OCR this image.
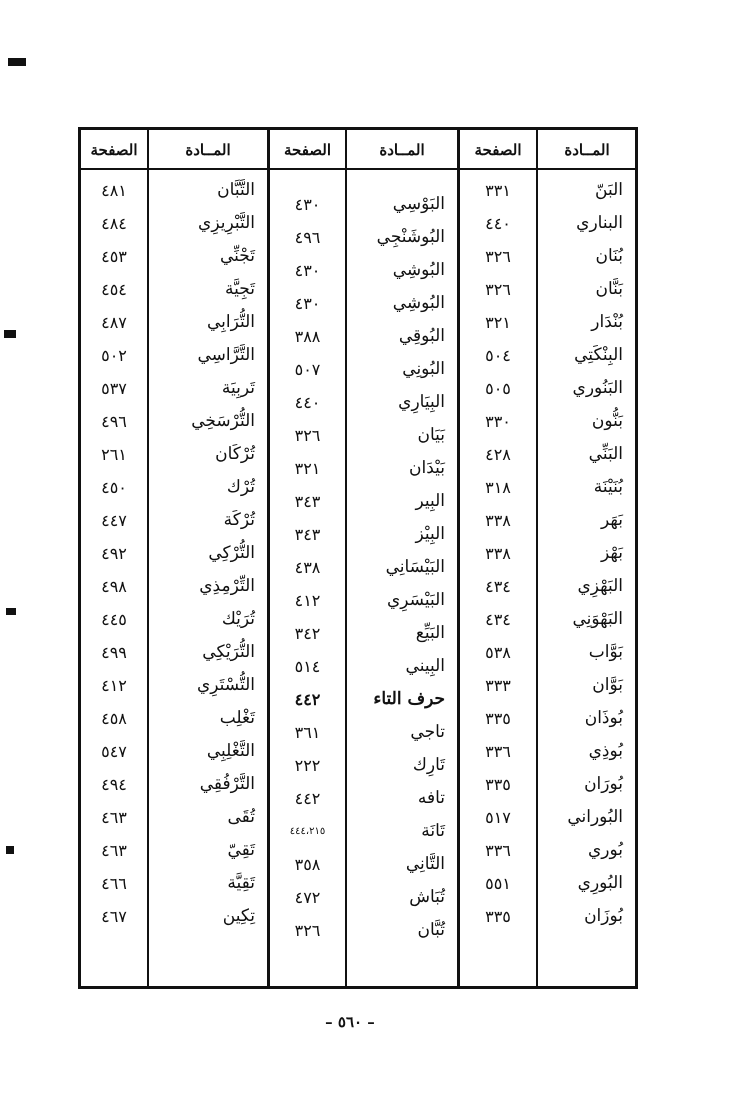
المــادة
البَنّ
البناري
بُنَان
بَنَّان
بُنْدَار
البِنْكَتِي
البَنُوري
بَنُّون
البَنِّي
بُنَيْنَة
بَهَر
بَهْز
البَهْزِي
البَهْوَنِي
بَوَّاب
بَوَّان
بُوذَان
بُوذِي
بُورَان
البُوراني
بُوري
البُورِي
بُوزَان
الصفحة
٣٣١
٤٤٠
٣٢٦
٣٢٦
٣٢١
٥٠٤
٥٠٥
٣٣٠
٤٢٨
٣١٨
٣٣٨
٣٣٨
٤٣٤
٤٣٤
٥٣٨
٣٣٣
٣٣٥
٣٣٦
٣٣٥
٥١٧
٣٣٦
٥٥١
٣٣٥
المــادة
البَوْسِي
البُوشَنْجِي
البُوشِي
البُوشِي
البُوقِي
البُونِي
البِيَارِي
بَيَان
بَيْدَان
البِير
البِيْز
البَيْسَانِي
البَيْسَرِي
البَيِّع
البِيني
حرف التاء
تاجي
تَارِك
تافه
تَانَة
التَّانِي
تُبَاش
تُبَّان
الصفحة
٤٣٠
٤٩٦
٤٣٠
٤٣٠
٣٨٨
٥٠٧
٤٤٠
٣٢٦
٣٢١
٣٤٣
٣٤٣
٤٣٨
٤١٢
٣٤٢
٥١٤
٤٤٢
٣٦١
٢٢٢
٤٤٢
٤٤٤،٢١٥
٣٥٨
٤٧٢
٣٢٦
المــادة
التَّبَّان
التَّبْرِيزِي
تَجْنِّي
تَجِيَّة
التُّرَابِي
التَّرَّاسِي
تَربِيَة
التُّرْسَخِي
تُرْكَان
تُرْك
تُرْكَة
التُّرْكِي
التِّرْمِذِي
تُرَيْك
التُّرَيْكِي
التُّسْتَرِي
تَغْلِب
التَّغْلِبِي
التَّرْفُقِي
تُقَى
تَقِيّ
تَقِيَّة
تِكِين
الصفحة
٤٨١
٤٨٤
٤٥٣
٤٥٤
٤٨٧
٥٠٢
٥٣٧
٤٩٦
٢٦١
٤٥٠
٤٤٧
٤٩٢
٤٩٨
٤٤٥
٤٩٩
٤١٢
٤٥٨
٥٤٧
٤٩٤
٤٦٣
٤٦٣
٤٦٦
٤٦٧
– ٥٦٠ –
